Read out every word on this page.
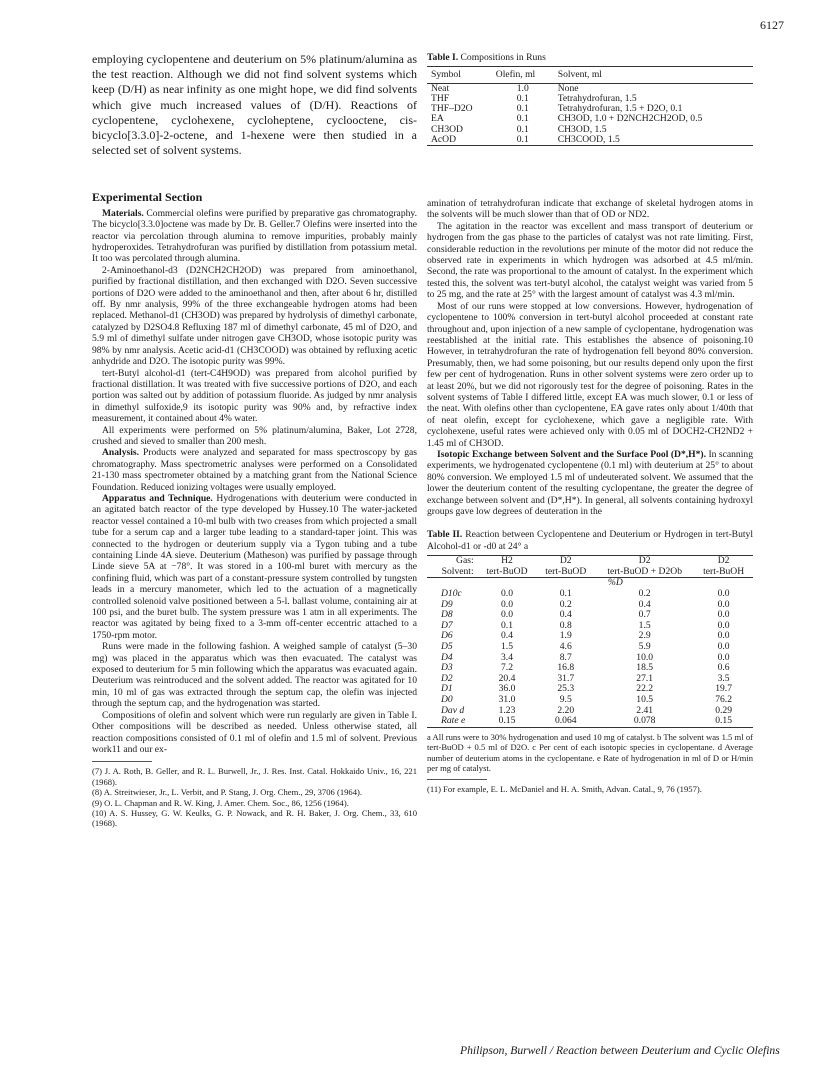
6127

employing cyclopentene and deuterium on 5% platinum/alumina as the test reaction. Although we did not find solvent systems which keep (D/H) as near infinity as one might hope, we did find solvents which give much increased values of (D/H). Reactions of cyclopentene, cyclohexene, cycloheptene, cyclooctene, cis-bicyclo[3.3.0]-2-octene, and 1-hexene were then studied in a selected set of solvent systems.

Experimental Section

Materials. Commercial olefins were purified by preparative gas chromatography. The bicyclo[3.3.0]octene was made by Dr. B. Geller.7 Olefins were inserted into the reactor via percolation through alumina to remove impurities, probably mainly hydroperoxides. Tetrahydrofuran was purified by distillation from potassium metal. It too was percolated through alumina.

2-Aminoethanol-d3 (D2NCH2CH2OD) was prepared from aminoethanol, purified by fractional distillation, and then exchanged with D2O. Seven successive portions of D2O were added to the aminoethanol and then, after about 6 hr, distilled off. By nmr analysis, 99% of the three exchangeable hydrogen atoms had been replaced. Methanol-d1 (CH3OD) was prepared by hydrolysis of dimethyl carbonate, catalyzed by D2SO4.8 Refluxing 187 ml of dimethyl carbonate, 45 ml of D2O, and 5.9 ml of dimethyl sulfate under nitrogen gave CH3OD, whose isotopic purity was 98% by nmr analysis. Acetic acid-d1 (CH3COOD) was obtained by refluxing acetic anhydride and D2O. The isotopic purity was 99%.

tert-Butyl alcohol-d1 (tert-C4H9OD) was prepared from alcohol purified by fractional distillation. It was treated with five successive portions of D2O, and each portion was salted out by addition of potassium fluoride. As judged by nmr analysis in dimethyl sulfoxide,9 its isotopic purity was 90% and, by refractive index measurement, it contained about 4% water.

All experiments were performed on 5% platinum/alumina, Baker, Lot 2728, crushed and sieved to smaller than 200 mesh.

Analysis. Products were analyzed and separated for mass spectroscopy by gas chromatography. Mass spectrometric analyses were performed on a Consolidated 21-130 mass spectrometer obtained by a matching grant from the National Science Foundation. Reduced ionizing voltages were usually employed.

Apparatus and Technique. Hydrogenations with deuterium were conducted in an agitated batch reactor of the type developed by Hussey.10 The water-jacketed reactor vessel contained a 10-ml bulb with two creases from which projected a small tube for a serum cap and a larger tube leading to a standard-taper joint. This was connected to the hydrogen or deuterium supply via a Tygon tubing and a tube containing Linde 4A sieve. Deuterium (Matheson) was purified by passage through Linde sieve 5A at −78°. It was stored in a 100-ml buret with mercury as the confining fluid, which was part of a constant-pressure system controlled by tungsten leads in a mercury manometer, which led to the actuation of a magnetically controlled solenoid valve positioned between a 5-l. ballast volume, containing air at 100 psi, and the buret bulb. The system pressure was 1 atm in all experiments. The reactor was agitated by being fixed to a 3-mm off-center eccentric attached to a 1750-rpm motor.

Runs were made in the following fashion. A weighed sample of catalyst (5–30 mg) was placed in the apparatus which was then evacuated. The catalyst was exposed to deuterium for 5 min following which the apparatus was evacuated again. Deuterium was reintroduced and the solvent added. The reactor was agitated for 10 min, 10 ml of gas was extracted through the septum cap, the olefin was injected through the septum cap, and the hydrogenation was started.

Compositions of olefin and solvent which were run regularly are given in Table I. Other compositions will be described as needed. Unless otherwise stated, all reaction compositions consisted of 0.1 ml of olefin and 1.5 ml of solvent. Previous work11 and our ex-

(7) J. A. Roth, B. Geller, and R. L. Burwell, Jr., J. Res. Inst. Catal. Hokkaido Univ., 16, 221 (1968).

(8) A. Streitwieser, Jr., L. Verbit, and P. Stang, J. Org. Chem., 29, 3706 (1964).

(9) O. L. Chapman and R. W. King, J. Amer. Chem. Soc., 86, 1256 (1964).

(10) A. S. Hussey, G. W. Keulks, G. P. Nowack, and R. H. Baker, J. Org. Chem., 33, 610 (1968).

Table I. Compositions in Runs
Symbol	Olefin, ml	Solvent, ml
Neat	1.0	None
THF	0.1	Tetrahydrofuran, 1.5
THF–D2O	0.1	Tetrahydrofuran, 1.5 + D2O, 0.1
EA	0.1	CH3OD, 1.0 + D2NCH2CH2OD, 0.5
CH3OD	0.1	CH3OD, 1.5
AcOD	0.1	CH3COOD, 1.5

amination of tetrahydrofuran indicate that exchange of skeletal hydrogen atoms in the solvents will be much slower than that of OD or ND2.

The agitation in the reactor was excellent and mass transport of deuterium or hydrogen from the gas phase to the particles of catalyst was not rate limiting. First, considerable reduction in the revolutions per minute of the motor did not reduce the observed rate in experiments in which hydrogen was adsorbed at 4.5 ml/min. Second, the rate was proportional to the amount of catalyst. In the experiment which tested this, the solvent was tert-butyl alcohol, the catalyst weight was varied from 5 to 25 mg, and the rate at 25° with the largest amount of catalyst was 4.3 ml/min.

Most of our runs were stopped at low conversions. However, hydrogenation of cyclopentene to 100% conversion in tert-butyl alcohol proceeded at constant rate throughout and, upon injection of a new sample of cyclopentane, hydrogenation was reestablished at the initial rate. This establishes the absence of poisoning.10 However, in tetrahydrofuran the rate of hydrogenation fell beyond 80% conversion. Presumably, then, we had some poisoning, but our results depend only upon the first few per cent of hydrogenation. Runs in other solvent systems were zero order up to at least 20%, but we did not rigorously test for the degree of poisoning. Rates in the solvent systems of Table I differed little, except EA was much slower, 0.1 or less of the neat. With olefins other than cyclopentene, EA gave rates only about 1/40th that of neat olefin, except for cyclohexene, which gave a negligible rate. With cyclohexene, useful rates were achieved only with 0.05 ml of DOCH2-CH2ND2 + 1.45 ml of CH3OD.

Isotopic Exchange between Solvent and the Surface Pool (D*,H*). In scanning experiments, we hydrogenated cyclopentene (0.1 ml) with deuterium at 25° to about 80% conversion. We employed 1.5 ml of undeuterated solvent. We assumed that the lower the deuterium content of the resulting cyclopentane, the greater the degree of exchange between solvent and (D*,H*). In general, all solvents containing hydroxyl groups gave low degrees of deuteration in the

Table II. Reaction between Cyclopentene and Deuterium or Hydrogen in tert-Butyl Alcohol-d1 or -d0 at 24° a
Gas:	H2	D2	D2	D2
Solvent:	tert-BuOD	tert-BuOD	tert-BuOD + D2Ob	tert-BuOH
	%D			
D10c	0.0	0.1	0.2	0.0
D9	0.0	0.2	0.4	0.0
D8	0.0	0.4	0.7	0.0
D7	0.1	0.8	1.5	0.0
D6	0.4	1.9	2.9	0.0
D5	1.5	4.6	5.9	0.0
D4	3.4	8.7	10.0	0.0
D3	7.2	16.8	18.5	0.6
D2	20.4	31.7	27.1	3.5
D1	36.0	25.3	22.2	19.7
D0	31.0	9.5	10.5	76.2
Dav d	1.23	2.20	2.41	0.29
Rate e	0.15	0.064	0.078	0.15

a All runs were to 30% hydrogenation and used 10 mg of catalyst. b The solvent was 1.5 ml of tert-BuOD + 0.5 ml of D2O. c Per cent of each isotopic species in cyclopentane. d Average number of deuterium atoms in the cyclopentane. e Rate of hydrogenation in ml of D or H/min per mg of catalyst.

(11) For example, E. L. McDaniel and H. A. Smith, Advan. Catal., 9, 76 (1957).

Philipson, Burwell / Reaction between Deuterium and Cyclic Olefins
